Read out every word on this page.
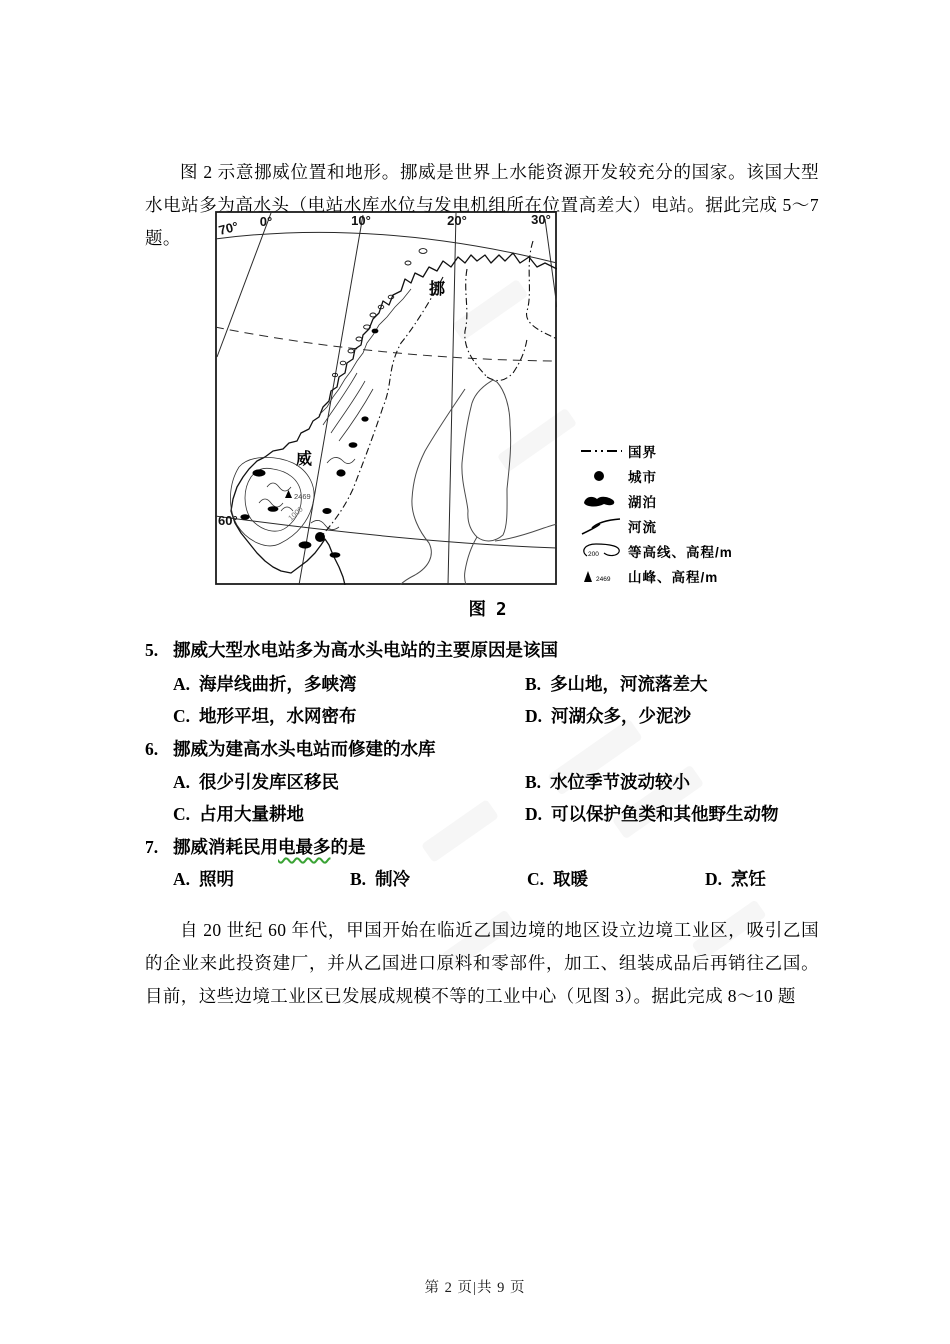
图 2 示意挪威位置和地形。挪威是世界上水能资源开发较充分的国家。该国大型水电站多为高水头（电站水库水位与发电机组所在位置高差大）电站。据此完成 5～7 题。

0°	10°	20°	30°
70°
60°
挪
威
2469
1000
国界
城市
湖泊
河流
200 等高线、高程/m
2469 山峰、高程/m
图 2
5. 挪威大型水电站多为高水头电站的主要原因是该国
A. 海岸线曲折，多峡湾	B. 多山地，河流落差大
C. 地形平坦，水网密布	D. 河湖众多，少泥沙
6. 挪威为建高水头电站而修建的水库
A. 很少引发库区移民	B. 水位季节波动较小
C. 占用大量耕地	D. 可以保护鱼类和其他野生动物
7. 挪威消耗民用电最多的是
A. 照明	B. 制冷	C. 取暖	D. 烹饪

自 20 世纪 60 年代，甲国开始在临近乙国边境的地区设立边境工业区，吸引乙国的企业来此投资建厂，并从乙国进口原料和零部件，加工、组装成品后再销往乙国。目前，这些边境工业区已发展成规模不等的工业中心（见图 3）。据此完成 8～10 题

第 2 页|共 9 页
